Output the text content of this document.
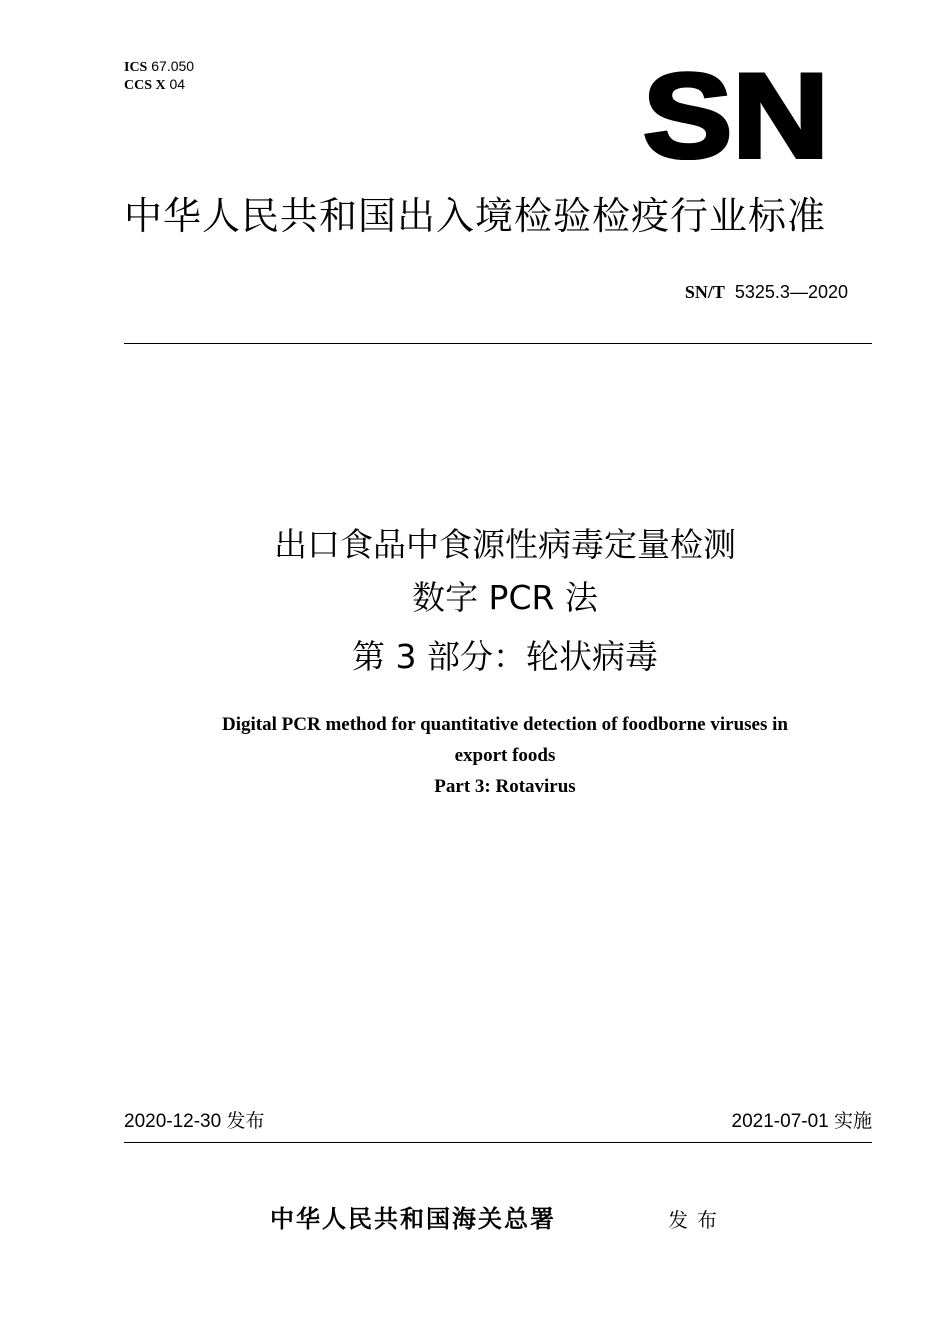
ICS 67.050
CCS X 04	SN
中华人民共和国出入境检验检疫行业标准
SN/T 5325.3—2020
出口食品中食源性病毒定量检测
数字 PCR 法
第 3 部分：轮状病毒
Digital PCR method for quantitative detection of foodborne viruses in
export foods
Part 3: Rotavirus
2020-12-30 发布	2021-07-01 实施
中华人民共和国海关总署	发布
